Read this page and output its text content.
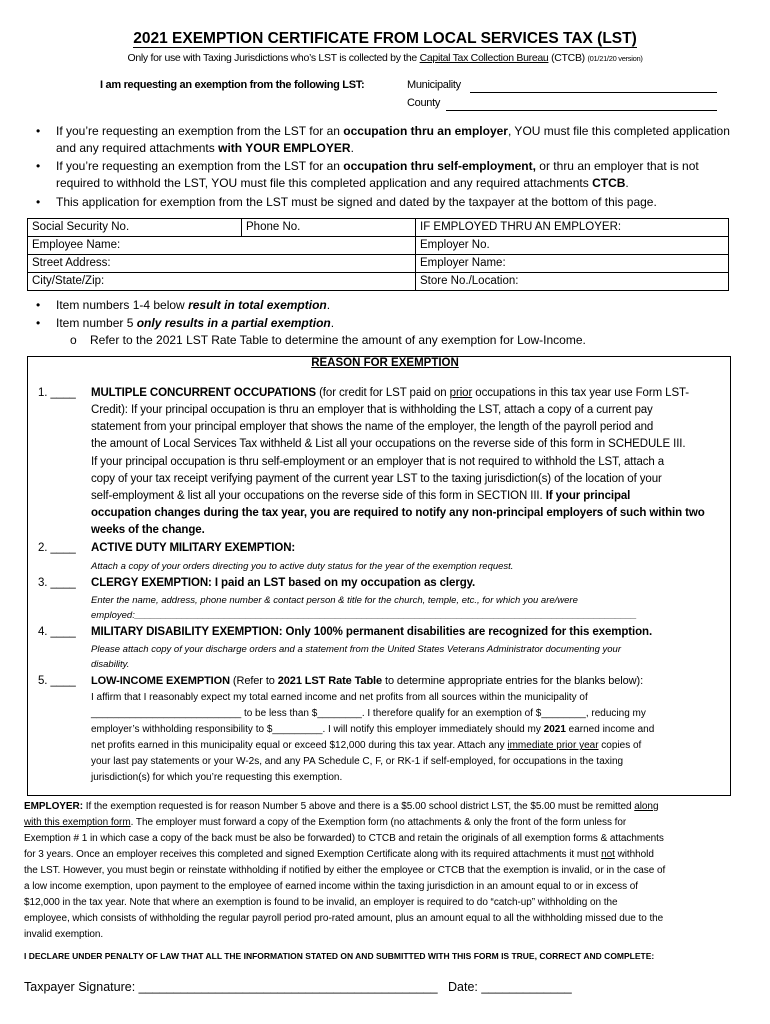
2021 EXEMPTION CERTIFICATE FROM LOCAL SERVICES TAX (LST)
Only for use with Taxing Jurisdictions who’s LST is collected by the Capital Tax Collection Bureau (CTCB) (01/21/20 version)
I am requesting an exemption from the following LST:	Municipality
County
• If you’re requesting an exemption from the LST for an occupation thru an employer, YOU must file this completed application
and any required attachments with YOUR EMPLOYER.
• If you’re requesting an exemption from the LST for an occupation thru self-employment, or thru an employer that is not
required to withhold the LST, YOU must file this completed application and any required attachments CTCB.
• This application for exemption from the LST must be signed and dated by the taxpayer at the bottom of this page.
Social Security No.	Phone No.	IF EMPLOYED THRU AN EMPLOYER:
Employee Name:		Employer No.
Street Address:		Employer Name:
City/State/Zip:		Store No./Location:
• Item numbers 1-4 below result in total exemption.
• Item number 5 only results in a partial exemption.
o Refer to the 2021 LST Rate Table to determine the amount of any exemption for Low-Income.
REASON FOR EXEMPTION
1. ____ MULTIPLE CONCURRENT OCCUPATIONS (for credit for LST paid on prior occupations in this tax year use Form LST-
Credit): If your principal occupation is thru an employer that is withholding the LST, attach a copy of a current pay
statement from your principal employer that shows the name of the employer, the length of the payroll period and
the amount of Local Services Tax withheld & List all your occupations on the reverse side of this form in SCHEDULE III.
If your principal occupation is thru self-employment or an employer that is not required to withhold the LST, attach a
copy of your tax receipt verifying payment of the current year LST to the taxing jurisdiction(s) of the location of your
self-employment & list all your occupations on the reverse side of this form in SECTION III. If your principal
occupation changes during the tax year, you are required to notify any non-principal employers of such within two
weeks of the change.
2. ____ ACTIVE DUTY MILITARY EXEMPTION:
Attach a copy of your orders directing you to active duty status for the year of the exemption request.
3. ____ CLERGY EXEMPTION: I paid an LST based on my occupation as clergy.
Enter the name, address, phone number & contact person & title for the church, temple, etc., for which you are/were
employed:_______________________________________________________________________________________________
4. ____ MILITARY DISABILITY EXEMPTION: Only 100% permanent disabilities are recognized for this exemption.
Please attach copy of your discharge orders and a statement from the United States Veterans Administrator documenting your
disability.
5. ____ LOW-INCOME EXEMPTION (Refer to 2021 LST Rate Table to determine appropriate entries for the blanks below):
I affirm that I reasonably expect my total earned income and net profits from all sources within the municipality of
___________________________ to be less than $________. I therefore qualify for an exemption of $________, reducing my
employer’s withholding responsibility to $_________. I will notify this employer immediately should my 2021 earned income and
net profits earned in this municipality equal or exceed $12,000 during this tax year. Attach any immediate prior year copies of
your last pay statements or your W-2s, and any PA Schedule C, F, or RK-1 if self-employed, for occupations in the taxing
jurisdiction(s) for which you’re requesting this exemption.
EMPLOYER: If the exemption requested is for reason Number 5 above and there is a $5.00 school district LST, the $5.00 must be remitted along
with this exemption form. The employer must forward a copy of the Exemption form (no attachments & only the front of the form unless for
Exemption # 1 in which case a copy of the back must be also be forwarded) to CTCB and retain the originals of all exemption forms & attachments
for 3 years. Once an employer receives this completed and signed Exemption Certificate along with its required attachments it must not withhold
the LST. However, you must begin or reinstate withholding if notified by either the employee or CTCB that the exemption is invalid, or in the case of
a low income exemption, upon payment to the employee of earned income within the taxing jurisdiction in an amount equal to or in excess of
$12,000 in the tax year. Note that where an exemption is found to be invalid, an employer is required to do “catch-up” withholding on the
employee, which consists of withholding the regular payroll period pro-rated amount, plus an amount equal to all the withholding missed due to the
invalid exemption.
I DECLARE UNDER PENALTY OF LAW THAT ALL THE INFORMATION STATED ON AND SUBMITTED WITH THIS FORM IS TRUE, CORRECT AND COMPLETE:
Taxpayer Signature: ___________________________________________ Date: _____________
